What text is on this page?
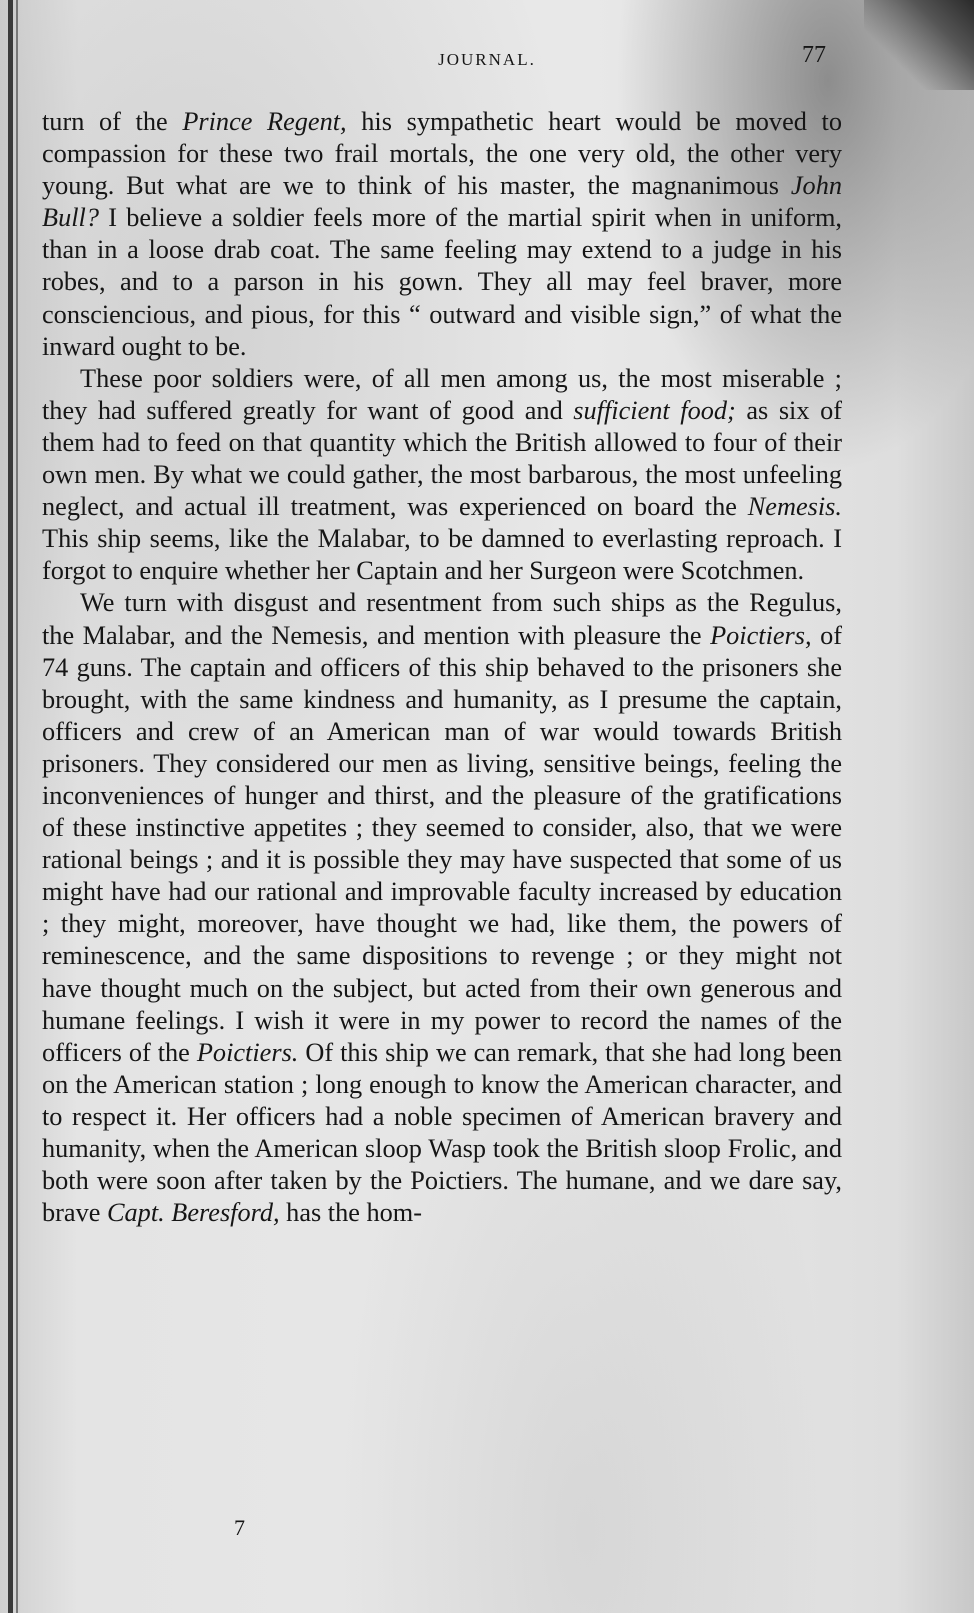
JOURNAL.	77

turn of the Prince Regent, his sympathetic heart would be moved to compassion for these two frail mortals, the one very old, the other very young. But what are we to think of his master, the magnanimous John Bull? I believe a soldier feels more of the martial spirit when in uniform, than in a loose drab coat. The same feeling may extend to a judge in his robes, and to a parson in his gown. They all may feel braver, more consciencious, and pious, for this “ outward and visible sign,” of what the inward ought to be.

These poor soldiers were, of all men among us, the most miserable ; they had suffered greatly for want of good and sufficient food; as six of them had to feed on that quantity which the British allowed to four of their own men. By what we could gather, the most barbarous, the most unfeeling neglect, and actual ill treatment, was experienced on board the Nemesis. This ship seems, like the Malabar, to be damned to everlasting reproach. I forgot to enquire whether her Captain and her Surgeon were Scotchmen.

We turn with disgust and resentment from such ships as the Regulus, the Malabar, and the Nemesis, and mention with pleasure the Poictiers, of 74 guns. The captain and officers of this ship behaved to the prisoners she brought, with the same kindness and humanity, as I presume the captain, officers and crew of an American man of war would towards British prisoners. They considered our men as living, sensitive beings, feeling the inconveniences of hunger and thirst, and the pleasure of the gratifications of these instinctive appetites ; they seemed to consider, also, that we were rational beings ; and it is possible they may have suspected that some of us might have had our rational and improvable faculty increased by education ; they might, moreover, have thought we had, like them, the powers of reminescence, and the same dispositions to revenge ; or they might not have thought much on the subject, but acted from their own generous and humane feelings. I wish it were in my power to record the names of the officers of the Poictiers. Of this ship we can remark, that she had long been on the American station ; long enough to know the American character, and to respect it. Her officers had a noble specimen of American bravery and humanity, when the American sloop Wasp took the British sloop Frolic, and both were soon after taken by the Poictiers. The humane, and we dare say, brave Capt. Beresford, has the hom-

7
